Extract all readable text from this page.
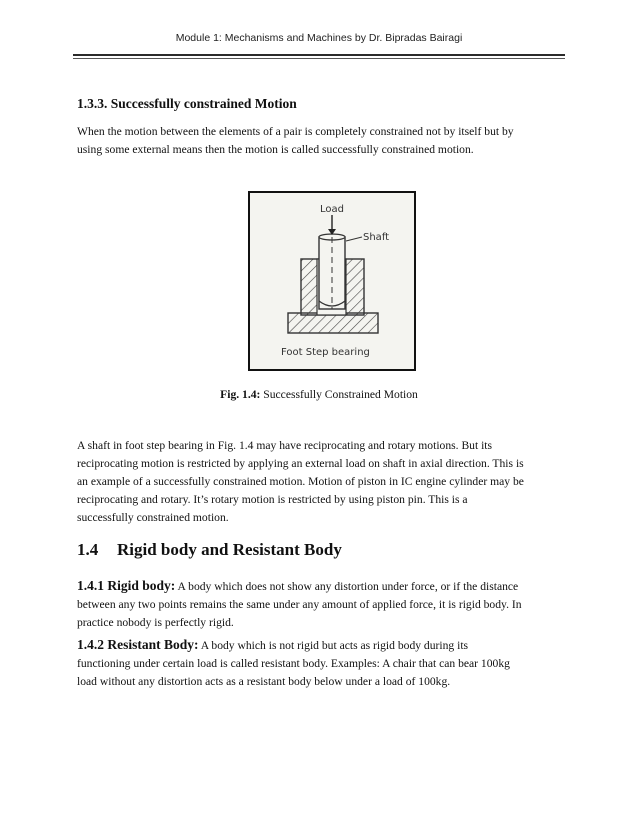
Module 1: Mechanisms and Machines by Dr. Bipradas Bairagi
1.3.3. Successfully constrained Motion
When the motion between the elements of a pair is completely constrained not by itself but by
using some external means then the motion is called successfully constrained motion.
Load
Shaft
Foot Step bearing
Fig. 1.4: Successfully Constrained Motion
A shaft in foot step bearing in Fig. 1.4 may have reciprocating and rotary motions. But its
reciprocating motion is restricted by applying an external load on shaft in axial direction. This is
an example of a successfully constrained motion. Motion of piston in IC engine cylinder may be
reciprocating and rotary. It’s rotary motion is restricted by using piston pin. This is a
successfully constrained motion.
1.4 Rigid body and Resistant Body
1.4.1 Rigid body: A body which does not show any distortion under force, or if the distance
between any two points remains the same under any amount of applied force, it is rigid body. In
practice nobody is perfectly rigid.
1.4.2 Resistant Body: A body which is not rigid but acts as rigid body during its
functioning under certain load is called resistant body. Examples: A chair that can bear 100kg
load without any distortion acts as a resistant body below under a load of 100kg.
